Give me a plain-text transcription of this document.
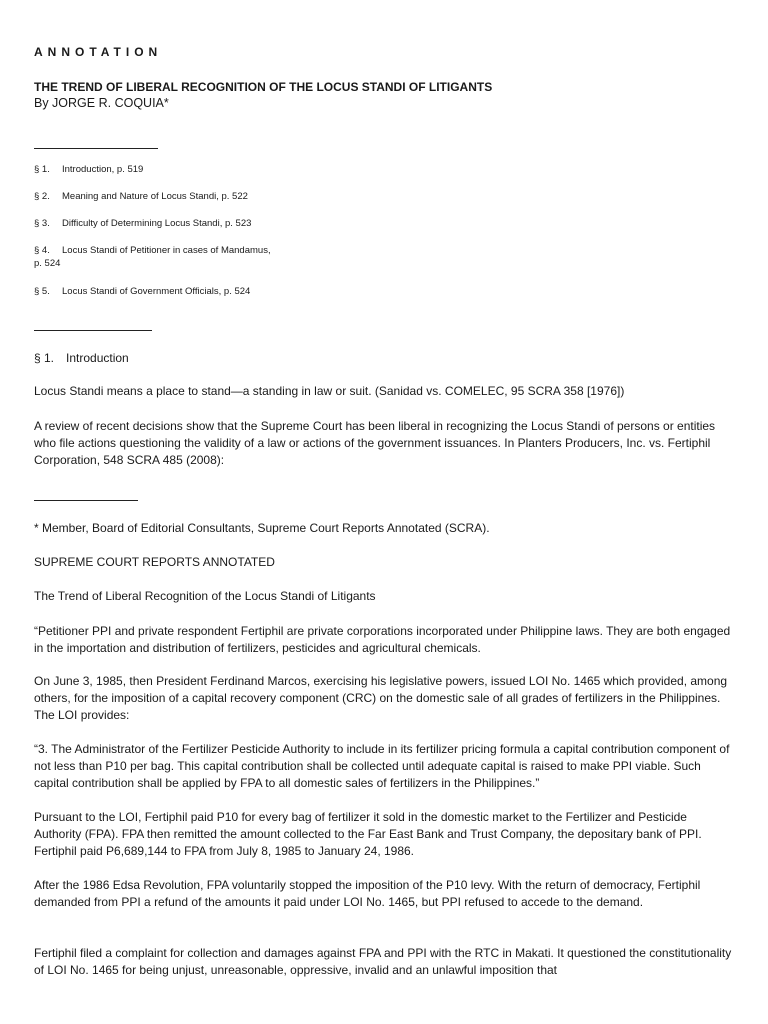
ANNOTATION
THE TREND OF LIBERAL RECOGNITION OF THE LOCUS STANDI OF LITIGANTS
By JORGE R. COQUIA*
§ 1. Introduction, p. 519
§ 2. Meaning and Nature of Locus Standi, p. 522
§ 3. Difficulty of Determining Locus Standi, p. 523
§ 4. Locus Standi of Petitioner in cases of Mandamus,
p. 524
§ 5. Locus Standi of Government Officials, p. 524
§ 1. Introduction
Locus Standi means a place to stand—a standing in law or suit. (Sanidad vs. COMELEC, 95 SCRA 358 [1976])
A review of recent decisions show that the Supreme Court has been liberal in recognizing the Locus Standi of persons or entities who file actions questioning the validity of a law or actions of the government issuances. In Planters Producers, Inc. vs. Fertiphil Corporation, 548 SCRA 485 (2008):
* Member, Board of Editorial Consultants, Supreme Court Reports Annotated (SCRA).
SUPREME COURT REPORTS ANNOTATED
The Trend of Liberal Recognition of the Locus Standi of Litigants
“Petitioner PPI and private respondent Fertiphil are private corporations incorporated under Philippine laws. They are both engaged in the importation and distribution of fertilizers, pesticides and agricultural chemicals.
On June 3, 1985, then President Ferdinand Marcos, exercising his legislative powers, issued LOI No. 1465 which provided, among others, for the imposition of a capital recovery component (CRC) on the domestic sale of all grades of fertilizers in the Philippines. The LOI provides:
“3. The Administrator of the Fertilizer Pesticide Authority to include in its fertilizer pricing formula a capital contribution component of not less than P10 per bag. This capital contribution shall be collected until adequate capital is raised to make PPI viable. Such capital contribution shall be applied by FPA to all domestic sales of fertilizers in the Philippines.”
Pursuant to the LOI, Fertiphil paid P10 for every bag of fertilizer it sold in the domestic market to the Fertilizer and Pesticide Authority (FPA). FPA then remitted the amount collected to the Far East Bank and Trust Company, the depositary bank of PPI. Fertiphil paid P6,689,144 to FPA from July 8, 1985 to January 24, 1986.
After the 1986 Edsa Revolution, FPA voluntarily stopped the imposition of the P10 levy. With the return of democracy, Fertiphil demanded from PPI a refund of the amounts it paid under LOI No. 1465, but PPI refused to accede to the demand.
Fertiphil filed a complaint for collection and damages against FPA and PPI with the RTC in Makati. It questioned the constitutionality of LOI No. 1465 for being unjust, unreasonable, oppressive, invalid and an unlawful imposition that
